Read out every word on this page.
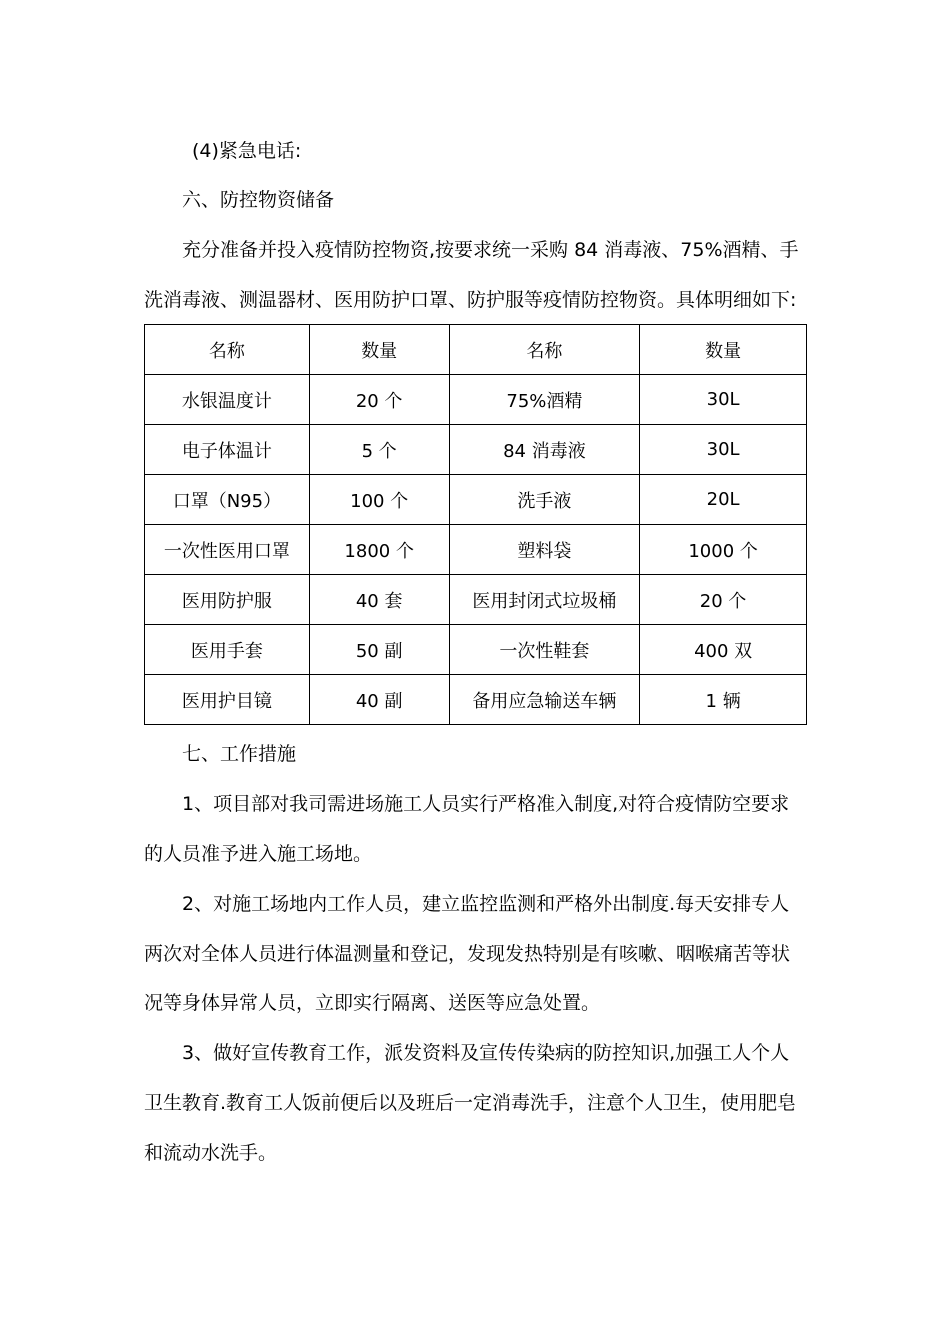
(4)紧急电话:
六、防控物资储备
充分准备并投入疫情防控物资,按要求统一采购 84 消毒液、75%酒精、手
洗消毒液、测温器材、医用防护口罩、防护服等疫情防控物资。具体明细如下:
名称	数量	名称	数量
水银温度计	20 个	75%酒精	30L
电子体温计	5 个	84 消毒液	30L
口罩（N95）	100 个	洗手液	20L
一次性医用口罩	1800 个	塑料袋	1000 个
医用防护服	40 套	医用封闭式垃圾桶	20 个
医用手套	50 副	一次性鞋套	400 双
医用护目镜	40 副	备用应急输送车辆	1 辆
七、工作措施
1、项目部对我司需进场施工人员实行严格准入制度,对符合疫情防空要求
的人员准予进入施工场地。
2、对施工场地内工作人员，建立监控监测和严格外出制度.每天安排专人
两次对全体人员进行体温测量和登记，发现发热特别是有咳嗽、咽喉痛苦等状
况等身体异常人员，立即实行隔离、送医等应急处置。
3、做好宣传教育工作，派发资料及宣传传染病的防控知识,加强工人个人
卫生教育.教育工人饭前便后以及班后一定消毒洗手，注意个人卫生，使用肥皂
和流动水洗手。
